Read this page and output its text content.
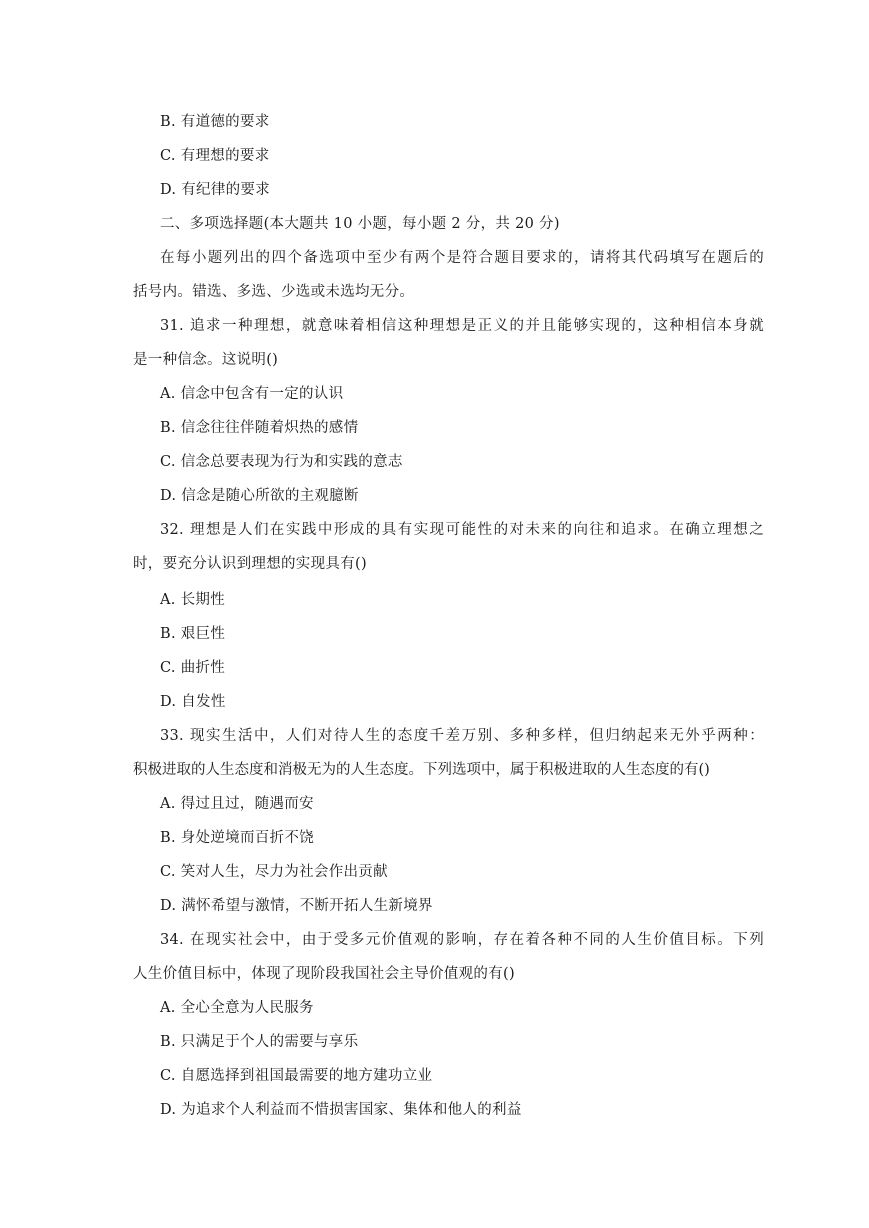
B. 有道德的要求
C. 有理想的要求
D. 有纪律的要求
二、多项选择题(本大题共 10 小题，每小题 2 分，共 20 分)
在每小题列出的四个备选项中至少有两个是符合题目要求的，请将其代码填写在题后的
括号内。错选、多选、少选或未选均无分。
31. 追求一种理想，就意味着相信这种理想是正义的并且能够实现的，这种相信本身就
是一种信念。这说明()
A. 信念中包含有一定的认识
B. 信念往往伴随着炽热的感情
C. 信念总要表现为行为和实践的意志
D. 信念是随心所欲的主观臆断
32. 理想是人们在实践中形成的具有实现可能性的对未来的向往和追求。在确立理想之
时，要充分认识到理想的实现具有()
A. 长期性
B. 艰巨性
C. 曲折性
D. 自发性
33. 现实生活中，人们对待人生的态度千差万别、多种多样，但归纳起来无外乎两种：
积极进取的人生态度和消极无为的人生态度。下列选项中，属于积极进取的人生态度的有()
A. 得过且过，随遇而安
B. 身处逆境而百折不饶
C. 笑对人生，尽力为社会作出贡献
D. 满怀希望与激情，不断开拓人生新境界
34. 在现实社会中，由于受多元价值观的影响，存在着各种不同的人生价值目标。下列
人生价值目标中，体现了现阶段我国社会主导价值观的有()
A. 全心全意为人民服务
B. 只满足于个人的需要与享乐
C. 自愿选择到祖国最需要的地方建功立业
D. 为追求个人利益而不惜损害国家、集体和他人的利益
